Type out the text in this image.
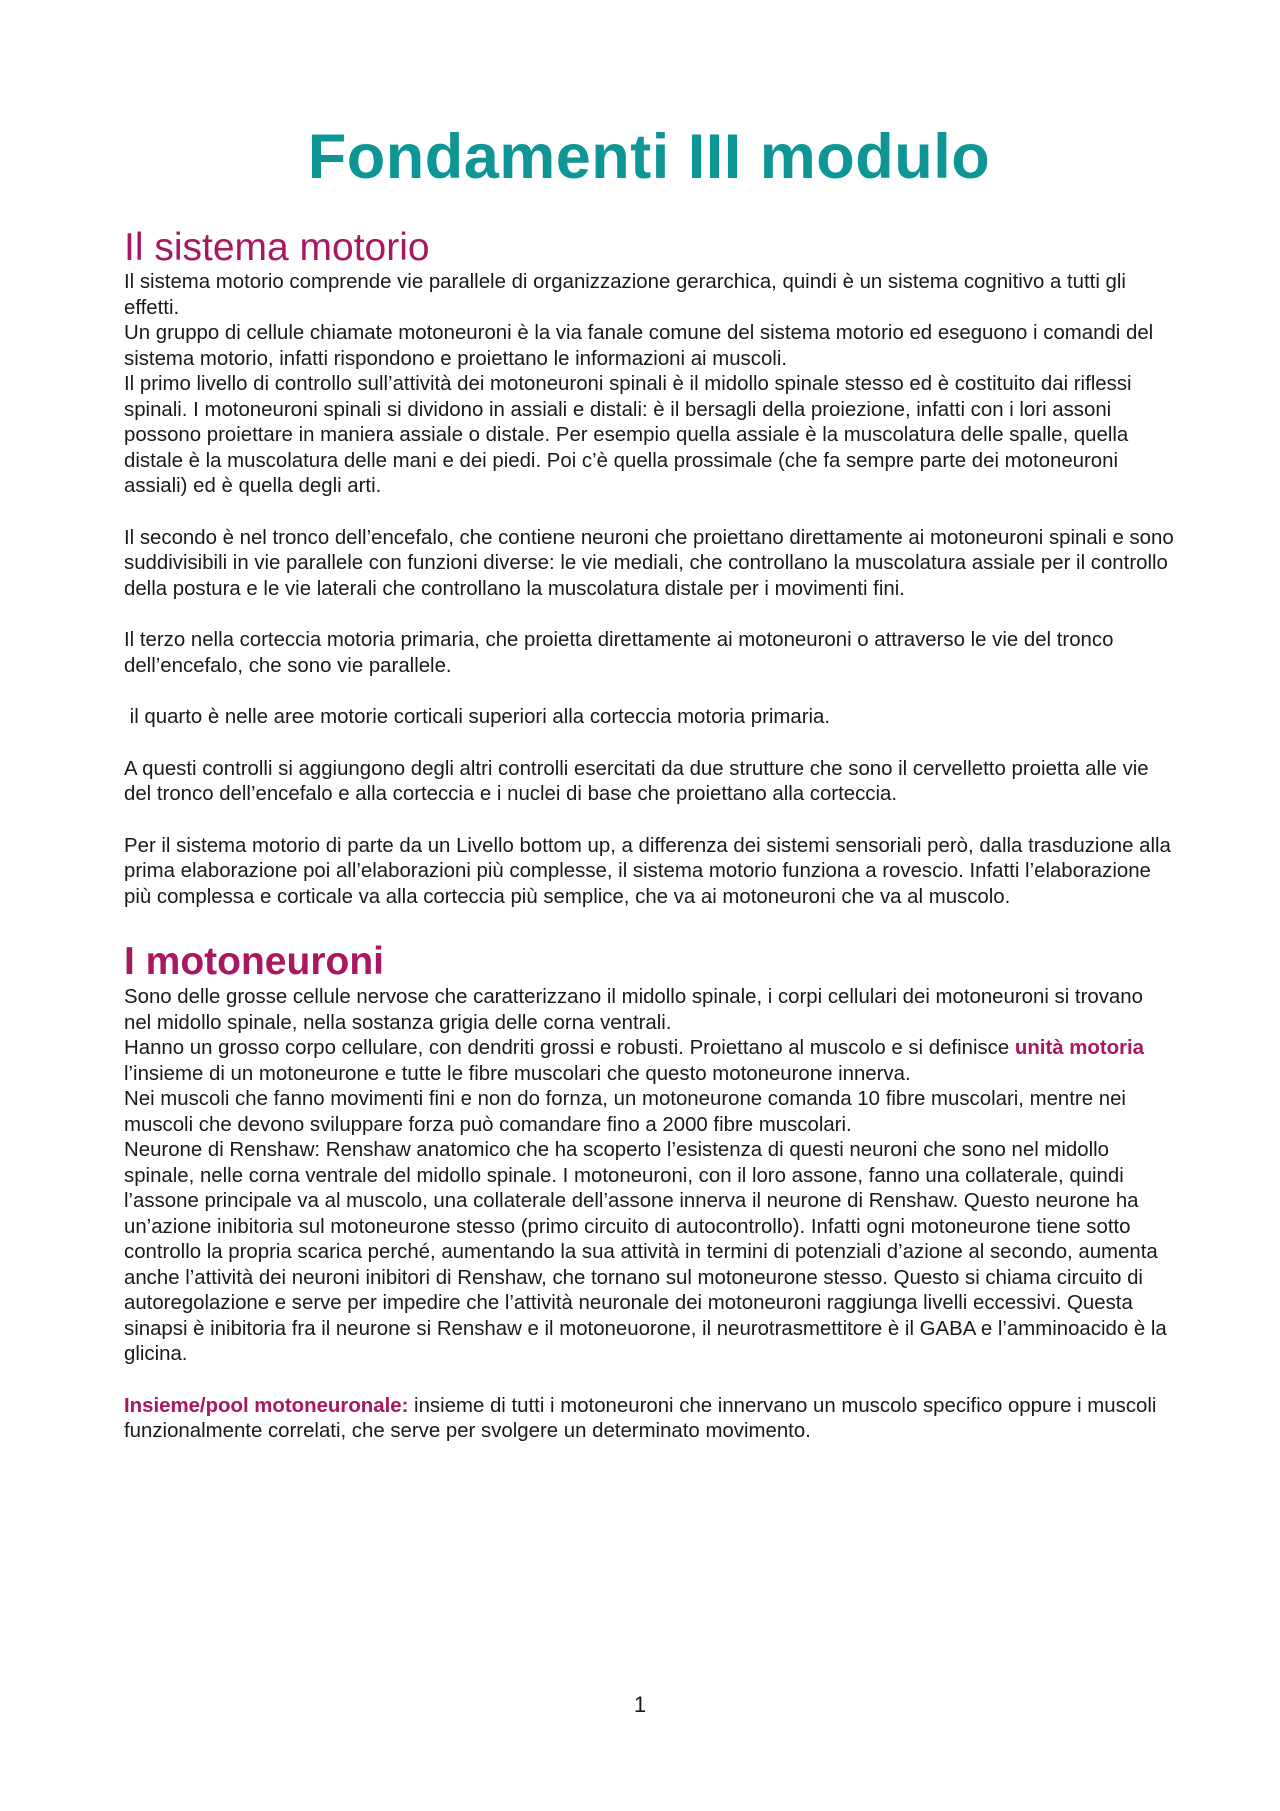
Fondamenti III modulo
Il sistema motorio

Il sistema motorio comprende vie parallele di organizzazione gerarchica, quindi è un sistema cognitivo a tutti gli effetti.

Un gruppo di cellule chiamate motoneuroni è la via fanale comune del sistema motorio ed eseguono i comandi del sistema motorio, infatti rispondono e proiettano le informazioni ai muscoli.

Il primo livello di controllo sull’attività dei motoneuroni spinali è il midollo spinale stesso ed è costituito dai riflessi spinali. I motoneuroni spinali si dividono in assiali e distali: è il bersagli della proiezione, infatti con i lori assoni possono proiettare in maniera assiale o distale. Per esempio quella assiale è la muscolatura delle spalle, quella distale è la muscolatura delle mani e dei piedi. Poi c’è quella prossimale (che fa sempre parte dei motoneuroni assiali) ed è quella degli arti.

Il secondo è nel tronco dell’encefalo, che contiene neuroni che proiettano direttamente ai motoneuroni spinali e sono suddivisibili in vie parallele con funzioni diverse: le vie mediali, che controllano la muscolatura assiale per il controllo della postura e le vie laterali che controllano la muscolatura distale per i movimenti fini.

Il terzo nella corteccia motoria primaria, che proietta direttamente ai motoneuroni o attraverso le vie del tronco dell’encefalo, che sono vie parallele.

il quarto è nelle aree motorie corticali superiori alla corteccia motoria primaria.

A questi controlli si aggiungono degli altri controlli esercitati da due strutture che sono il cervelletto proietta alle vie del tronco dell’encefalo e alla corteccia e i nuclei di base che proiettano alla corteccia.

Per il sistema motorio di parte da un Livello bottom up, a differenza dei sistemi sensoriali però, dalla trasduzione alla prima elaborazione poi all’elaborazioni più complesse, il sistema motorio funziona a rovescio. Infatti l’elaborazione più complessa e corticale va alla corteccia più semplice, che va ai motoneuroni che va al muscolo.

I motoneuroni

Sono delle grosse cellule nervose che caratterizzano il midollo spinale, i corpi cellulari dei motoneuroni si trovano nel midollo spinale, nella sostanza grigia delle corna ventrali.

Hanno un grosso corpo cellulare, con dendriti grossi e robusti. Proiettano al muscolo e si definisce unità motoria l’insieme di un motoneurone e tutte le fibre muscolari che questo motoneurone innerva.

Nei muscoli che fanno movimenti fini e non do fornza, un motoneurone comanda 10 fibre muscolari, mentre nei muscoli che devono sviluppare forza può comandare fino a 2000 fibre muscolari.

Neurone di Renshaw: Renshaw anatomico che ha scoperto l’esistenza di questi neuroni che sono nel midollo spinale, nelle corna ventrale del midollo spinale. I motoneuroni, con il loro assone, fanno una collaterale, quindi l’assone principale va al muscolo, una collaterale dell’assone innerva il neurone di Renshaw. Questo neurone ha un’azione inibitoria sul motoneurone stesso (primo circuito di autocontrollo). Infatti ogni motoneurone tiene sotto controllo la propria scarica perché, aumentando la sua attività in termini di potenziali d’azione al secondo, aumenta anche l’attività dei neuroni inibitori di Renshaw, che tornano sul motoneurone stesso. Questo si chiama circuito di autoregolazione e serve per impedire che l’attività neuronale dei motoneuroni raggiunga livelli eccessivi. Questa sinapsi è inibitoria fra il neurone si Renshaw e il motoneuorone, il neurotrasmettitore è il GABA e l’amminoacido è la glicina.

Insieme/pool motoneuronale: insieme di tutti i motoneuroni che innervano un muscolo specifico oppure i muscoli funzionalmente correlati, che serve per svolgere un determinato movimento.

1
